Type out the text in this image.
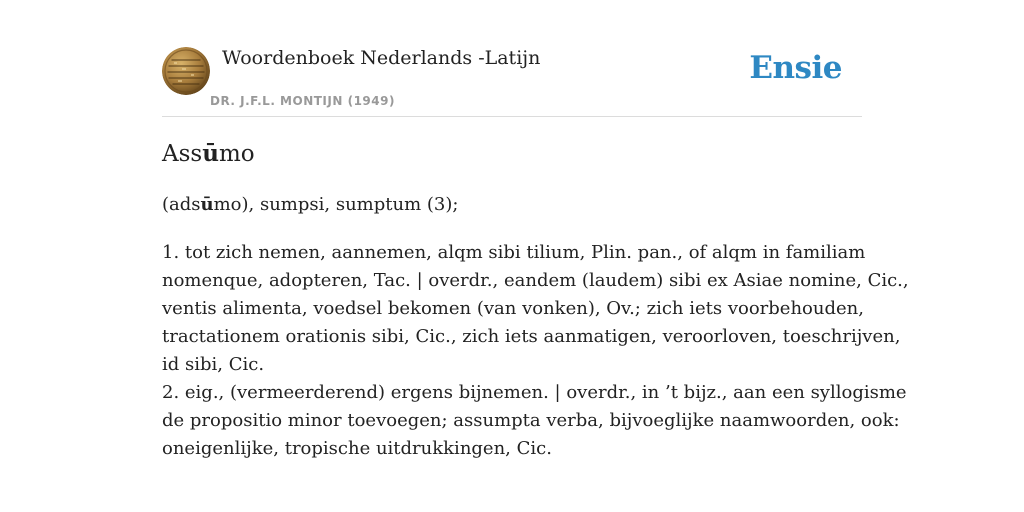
Woordenboek Nederlands -Latijn
DR. J.F.L. MONTIJN (1949)
Ensie
Assūmo
(adsūmo), sumpsi, sumptum (3);

1. tot zich nemen, aannemen, alqm sibi tilium, Plin. pan., of alqm in familiam

nomenque, adopteren, Tac. | overdr., eandem (laudem) sibi ex Asiae nomine, Cic.,

ventis alimenta, voedsel bekomen (van vonken), Ov.; zich iets voorbehouden,

tractationem orationis sibi, Cic., zich iets aanmatigen, veroorloven, toeschrijven,

id sibi, Cic.

2. eig., (vermeerderend) ergens bijnemen. | overdr., in ’t bijz., aan een syllogisme

de propositio minor toevoegen; assumpta verba, bijvoeglijke naamwoorden, ook:

oneigenlijke, tropische uitdrukkingen, Cic.
